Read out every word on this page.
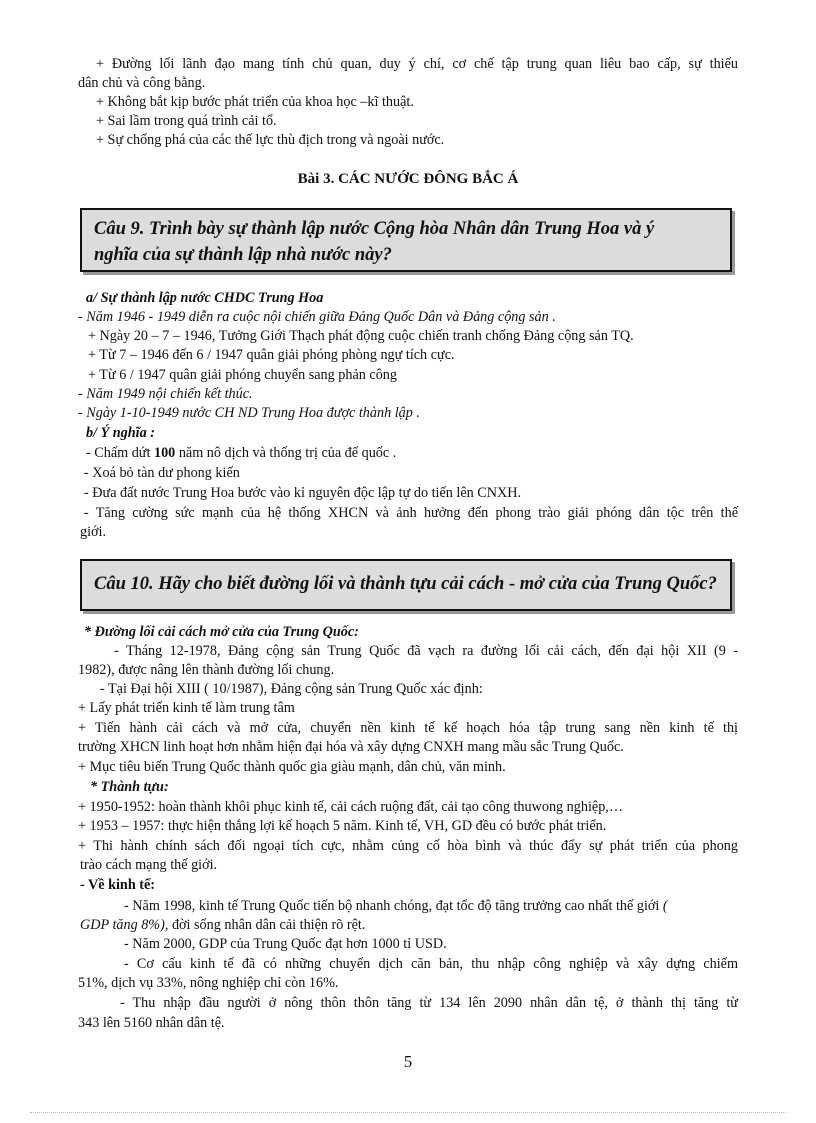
+ Đường lối lãnh đạo mang tính chủ quan, duy ý chí, cơ chế tập trung quan liêu bao cấp, sự thiếu
dân chủ và công bằng.
+ Không bắt kịp bước phát triển của khoa học –kĩ thuật.
+ Sai lầm trong quá trình cải tổ.
+ Sự chống phá của các thế lực thù địch trong và ngoài nước.
Bài 3. CÁC NƯỚC ĐÔNG BẮC Á
Câu 9. Trình bày sự thành lập nước Cộng hòa Nhân dân Trung Hoa và ý
nghĩa của sự thành lập nhà nước này?
a/ Sự thành lập nước CHDC Trung Hoa
- Năm 1946 - 1949 diễn ra cuộc nội chiến giữa Đảng Quốc Dân và Đảng cộng sản .
+ Ngày 20 – 7 – 1946, Tưởng Giới Thạch phát động cuộc chiến tranh chống Đảng cộng sản TQ.
+ Từ 7 – 1946 đến 6 / 1947 quân giải phóng phòng ngự tích cực.
+ Từ 6 / 1947 quân giải phóng chuyển sang phản công
- Năm 1949 nội chiến kết thúc.
- Ngày 1-10-1949 nước CH ND Trung Hoa được thành lập .
b/ Ý nghĩa :
- Chấm dứt 100 năm nô dịch và thống trị của đế quốc .
- Xoá bỏ tàn dư phong kiến
- Đưa đất nước Trung Hoa bước vào kỉ nguyên độc lập tự do tiến lên CNXH.
- Tăng cường sức mạnh của hệ thống XHCN và ảnh hưởng đến phong trào giải phóng dân tộc trên thế
giới.
Câu 10. Hãy cho biết đường lối và thành tựu cải cách - mở cửa của Trung Quốc?
* Đường lối cải cách mở cửa của Trung Quốc:
- Tháng 12-1978, Đảng cộng sản Trung Quốc đã vạch ra đường lối cải cách, đến đại hội XII (9 -
1982), được nâng lên thành đường lối chung.
- Tại Đại hội XIII ( 10/1987), Đảng cộng sản Trung Quốc xác định:
+ Lấy phát triển kinh tế làm trung tâm
+ Tiến hành cải cách và mở cửa, chuyển nền kinh tế kế hoạch hóa tập trung sang nền kinh tế thị
trường XHCN linh hoạt hơn nhằm hiện đại hóa và xây dựng CNXH mang mầu sắc Trung Quốc.
+ Mục tiêu biến Trung Quốc thành quốc gia giàu mạnh, dân chủ, văn minh.
* Thành tựu:
+ 1950-1952: hoàn thành khôi phục kinh tế, cải cách ruộng đất, cải tạo công thuwong nghiệp,…
+ 1953 – 1957: thực hiện thắng lợi kế hoạch 5 năm. Kinh tế, VH, GD đều có bước phát triển.
+ Thi hành chính sách đối ngoại tích cực, nhằm củng cố hòa bình và thúc đẩy sự phát triển của phong
trào cách mạng thế giới.
- Về kinh tế:
- Năm 1998, kinh tế Trung Quốc tiến bộ nhanh chóng, đạt tốc độ tăng trưởng cao nhất thế giới (
GDP tăng 8%), đời sống nhân dân cải thiện rõ rệt.
- Năm 2000, GDP của Trung Quốc đạt hơn 1000 tỉ USD.
- Cơ cấu kinh tế đã có những chuyển dịch căn bản, thu nhập công nghiệp và xây dựng chiếm
51%, dịch vụ 33%, nông nghiệp chỉ còn 16%.
- Thu nhập đầu người ở nông thôn thôn tăng từ 134 lên 2090 nhân dân tệ, ở thành thị tăng từ
343 lên 5160 nhân dân tệ.
5
